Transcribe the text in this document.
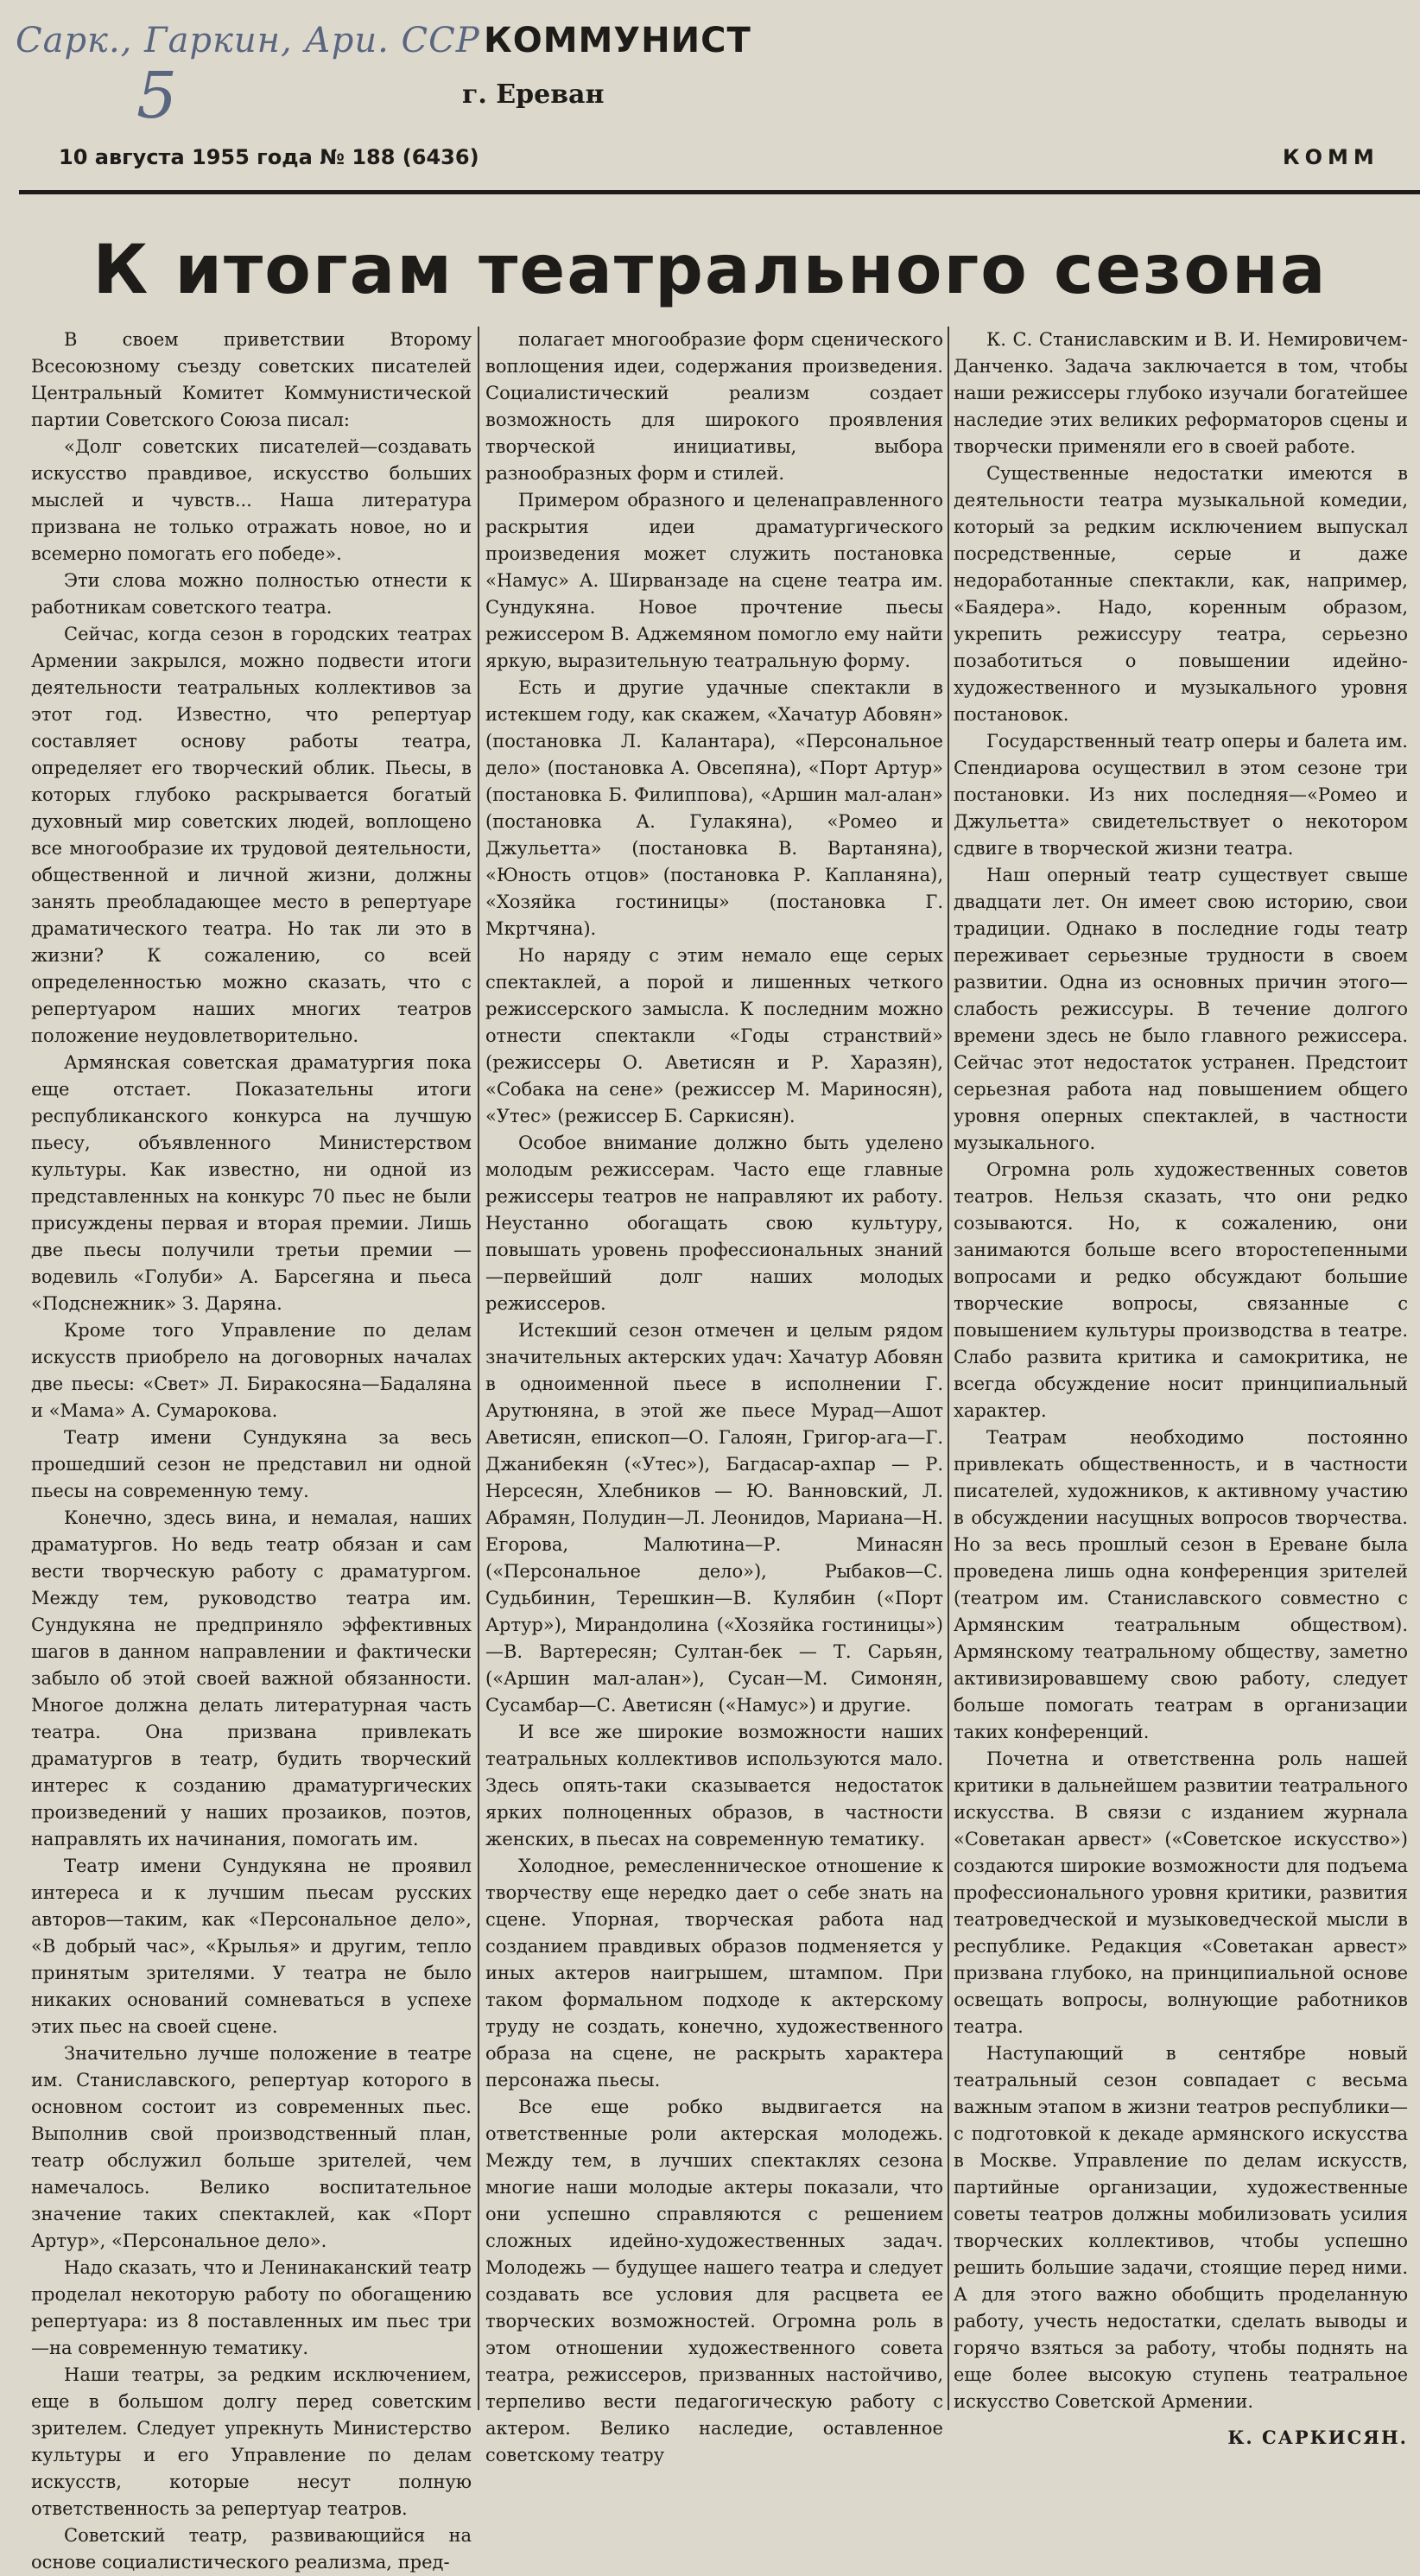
Сарк., Гаркин, Ари. ССР
5
КОММУНИСТ
г. Ереван
10 августа 1955 года № 188 (6436)	КОММ
К итогам театрального сезона

В своем приветствии Второму Всесоюзному съезду советских писателей Центральный Комитет Коммунистической партии Советского Союза писал:

«Долг советских писателей—создавать искусство правдивое, искусство больших мыслей и чувств... Наша литература призвана не только отражать новое, но и всемерно помогать его победе».

Эти слова можно полностью отнести к работникам советского театра.

Сейчас, когда сезон в городских театрах Армении закрылся, можно подвести итоги деятельности театральных коллективов за этот год. Известно, что репертуар составляет основу работы театра, определяет его творческий облик. Пьесы, в которых глубоко раскрывается богатый духовный мир советских людей, воплощено все многообразие их трудовой деятельности, общественной и личной жизни, должны занять преобладающее место в репертуаре драматического театра. Но так ли это в жизни? К сожалению, со всей определенностью можно сказать, что с репертуаром наших многих театров положение неудовлетворительно.

Армянская советская драматургия пока еще отстает. Показательны итоги республиканского конкурса на лучшую пьесу, объявленного Министерством культуры. Как известно, ни одной из представленных на конкурс 70 пьес не были присуждены первая и вторая премии. Лишь две пьесы получили третьи премии — водевиль «Голуби» А. Барсегяна и пьеса «Подснежник» З. Даряна.

Кроме того Управление по делам искусств приобрело на договорных началах две пьесы: «Свет» Л. Биракосяна—Бадаляна и «Мама» А. Сумарокова.

Театр имени Сундукяна за весь прошедший сезон не представил ни одной пьесы на современную тему.

Конечно, здесь вина, и немалая, наших драматургов. Но ведь театр обязан и сам вести творческую работу с драматургом. Между тем, руководство театра им. Сундукяна не предприняло эффективных шагов в данном направлении и фактически забыло об этой своей важной обязанности. Многое должна делать литературная часть театра. Она призвана привлекать драматургов в театр, будить творческий интерес к созданию драматургических произведений у наших прозаиков, поэтов, направлять их начинания, помогать им.

Театр имени Сундукяна не проявил интереса и к лучшим пьесам русских авторов—таким, как «Персональное дело», «В добрый час», «Крылья» и другим, тепло принятым зрителями. У театра не было никаких оснований сомневаться в успехе этих пьес на своей сцене.

Значительно лучше положение в театре им. Станиславского, репертуар которого в основном состоит из современных пьес. Выполнив свой производственный план, театр обслужил больше зрителей, чем намечалось. Велико воспитательное значение таких спектаклей, как «Порт Артур», «Персональное дело».

Надо сказать, что и Ленинаканский театр проделал некоторую работу по обогащению репертуара: из 8 поставленных им пьес три—на современную тематику.

Наши театры, за редким исключением, еще в большом долгу перед советским зрителем. Следует упрекнуть Министерство культуры и его Управление по делам искусств, которые несут полную ответственность за репертуар театров.

Советский театр, развивающийся на основе социалистического реализма, пред-

полагает многообразие форм сценического воплощения идеи, содержания произведения. Социалистический реализм создает возможность для широкого проявления творческой инициативы, выбора разнообразных форм и стилей.

Примером образного и целенаправленного раскрытия идеи драматургического произведения может служить постановка «Намус» А. Ширванзаде на сцене театра им. Сундукяна. Новое прочтение пьесы режиссером В. Аджемяном помогло ему найти яркую, выразительную театральную форму.

Есть и другие удачные спектакли в истекшем году, как скажем, «Хачатур Абовян» (постановка Л. Калантара), «Персональное дело» (постановка А. Овсепяна), «Порт Артур» (постановка Б. Филиппова), «Аршин мал-алан» (постановка А. Гулакяна), «Ромео и Джульетта» (постановка В. Вартаняна), «Юность отцов» (постановка Р. Капланяна), «Хозяйка гостиницы» (постановка Г. Мкртчяна).

Но наряду с этим немало еще серых спектаклей, а порой и лишенных четкого режиссерского замысла. К последним можно отнести спектакли «Годы странствий» (режиссеры О. Аветисян и Р. Харазян), «Собака на сене» (режиссер М. Мариносян), «Утес» (режиссер Б. Саркисян).

Особое внимание должно быть уделено молодым режиссерам. Часто еще главные режиссеры театров не направляют их работу. Неустанно обогащать свою культуру, повышать уровень профессиональных знаний—первейший долг наших молодых режиссеров.

Истекший сезон отмечен и целым рядом значительных актерских удач: Хачатур Абовян в одноименной пьесе в исполнении Г. Арутюняна, в этой же пьесе Мурад—Ашот Аветисян, епископ—О. Галоян, Григор-ага—Г. Джанибекян («Утес»), Багдасар-ахпар — Р. Нерсесян, Хлебников — Ю. Ванновский, Л. Абрамян, Полудин—Л. Леонидов, Мариана—Н. Егорова, Малютина—Р. Минасян («Персональное дело»), Рыбаков—С. Судьбинин, Терешкин—В. Кулябин («Порт Артур»), Мирандолина («Хозяйка гостиницы»)—В. Вартересян; Султан-бек — Т. Сарьян, («Аршин мал-алан»), Сусан—М. Симонян, Сусамбар—С. Аветисян («Намус») и другие.

И все же широкие возможности наших театральных коллективов используются мало. Здесь опять-таки сказывается недостаток ярких полноценных образов, в частности женских, в пьесах на современную тематику.

Холодное, ремесленническое отношение к творчеству еще нередко дает о себе знать на сцене. Упорная, творческая работа над созданием правдивых образов подменяется у иных актеров наигрышем, штампом. При таком формальном подходе к актерскому труду не создать, конечно, художественного образа на сцене, не раскрыть характера персонажа пьесы.

Все еще робко выдвигается на ответственные роли актерская молодежь. Между тем, в лучших спектаклях сезона многие наши молодые актеры показали, что они успешно справляются с решением сложных идейно-художественных задач. Молодежь — будущее нашего театра и следует создавать все условия для расцвета ее творческих возможностей. Огромна роль в этом отношении художественного совета театра, режиссеров, призванных настойчиво, терпеливо вести педагогическую работу с актером. Велико наследие, оставленное советскому театру

К. С. Станиславским и В. И. Немировичем-Данченко. Задача заключается в том, чтобы наши режиссеры глубоко изучали богатейшее наследие этих великих реформаторов сцены и творчески применяли его в своей работе.

Существенные недостатки имеются в деятельности театра музыкальной комедии, который за редким исключением выпускал посредственные, серые и даже недоработанные спектакли, как, например, «Баядера». Надо, коренным образом, укрепить режиссуру театра, серьезно позаботиться о повышении идейно-художественного и музыкального уровня постановок.

Государственный театр оперы и балета им. Спендиарова осуществил в этом сезоне три постановки. Из них последняя—«Ромео и Джульетта» свидетельствует о некотором сдвиге в творческой жизни театра.

Наш оперный театр существует свыше двадцати лет. Он имеет свою историю, свои традиции. Однако в последние годы театр переживает серьезные трудности в своем развитии. Одна из основных причин этого—слабость режиссуры. В течение долгого времени здесь не было главного режиссера. Сейчас этот недостаток устранен. Предстоит серьезная работа над повышением общего уровня оперных спектаклей, в частности музыкального.

Огромна роль художественных советов театров. Нельзя сказать, что они редко созываются. Но, к сожалению, они занимаются больше всего второстепенными вопросами и редко обсуждают большие творческие вопросы, связанные с повышением культуры производства в театре. Слабо развита критика и самокритика, не всегда обсуждение носит принципиальный характер.

Театрам необходимо постоянно привлекать общественность, и в частности писателей, художников, к активному участию в обсуждении насущных вопросов творчества. Но за весь прошлый сезон в Ереване была проведена лишь одна конференция зрителей (театром им. Станиславского совместно с Армянским театральным обществом). Армянскому театральному обществу, заметно активизировавшему свою работу, следует больше помогать театрам в организации таких конференций.

Почетна и ответственна роль нашей критики в дальнейшем развитии театрального искусства. В связи с изданием журнала «Советакан арвест» («Советское искусство») создаются широкие возможности для подъема профессионального уровня критики, развития театроведческой и музыковедческой мысли в республике. Редакция «Советакан арвест» призвана глубоко, на принципиальной основе освещать вопросы, волнующие работников театра.

Наступающий в сентябре новый театральный сезон совпадает с весьма важным этапом в жизни театров республики—с подготовкой к декаде армянского искусства в Москве. Управление по делам искусств, партийные организации, художественные советы театров должны мобилизовать усилия творческих коллективов, чтобы успешно решить большие задачи, стоящие перед ними. А для этого важно обобщить проделанную работу, учесть недостатки, сделать выводы и горячо взяться за работу, чтобы поднять на еще более высокую ступень театральное искусство Советской Армении.

К. САРКИСЯН.
